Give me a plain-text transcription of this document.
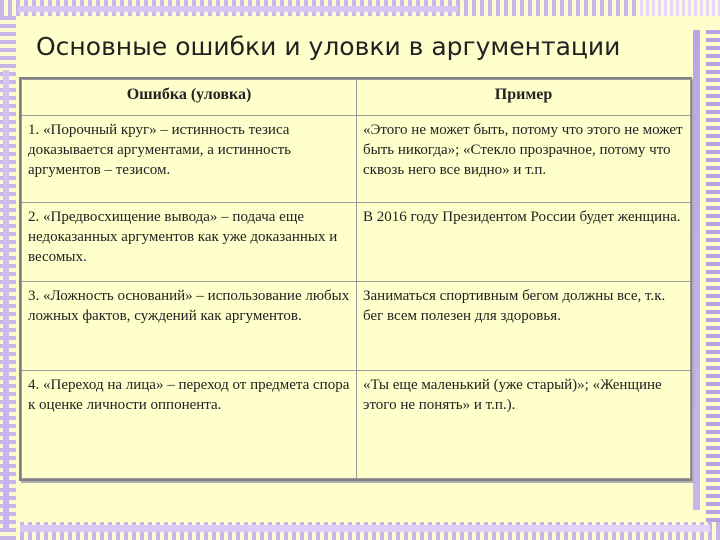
Основные ошибки и уловки в аргументации
Ошибка (уловка)	Пример
1. «Порочный круг» – истинность тезиса доказывается аргументами, а истинность аргументов – тезисом.	«Этого не может быть, потому что этого не может быть никогда»; «Стекло прозрачное, потому что сквозь него все видно» и т.п.
2. «Предвосхищение вывода» – подача еще недоказанных аргументов как уже доказанных и весомых.	В 2016 году Президентом России будет женщина.
3. «Ложность оснований» – использование любых ложных фактов, суждений как аргументов.	Заниматься спортивным бегом должны все, т.к. бег всем полезен для здоровья.
4. «Переход на лица» – переход от предмета спора к оценке личности оппонента.	«Ты еще маленький (уже старый)»; «Женщине этого не понять» и т.п.).
